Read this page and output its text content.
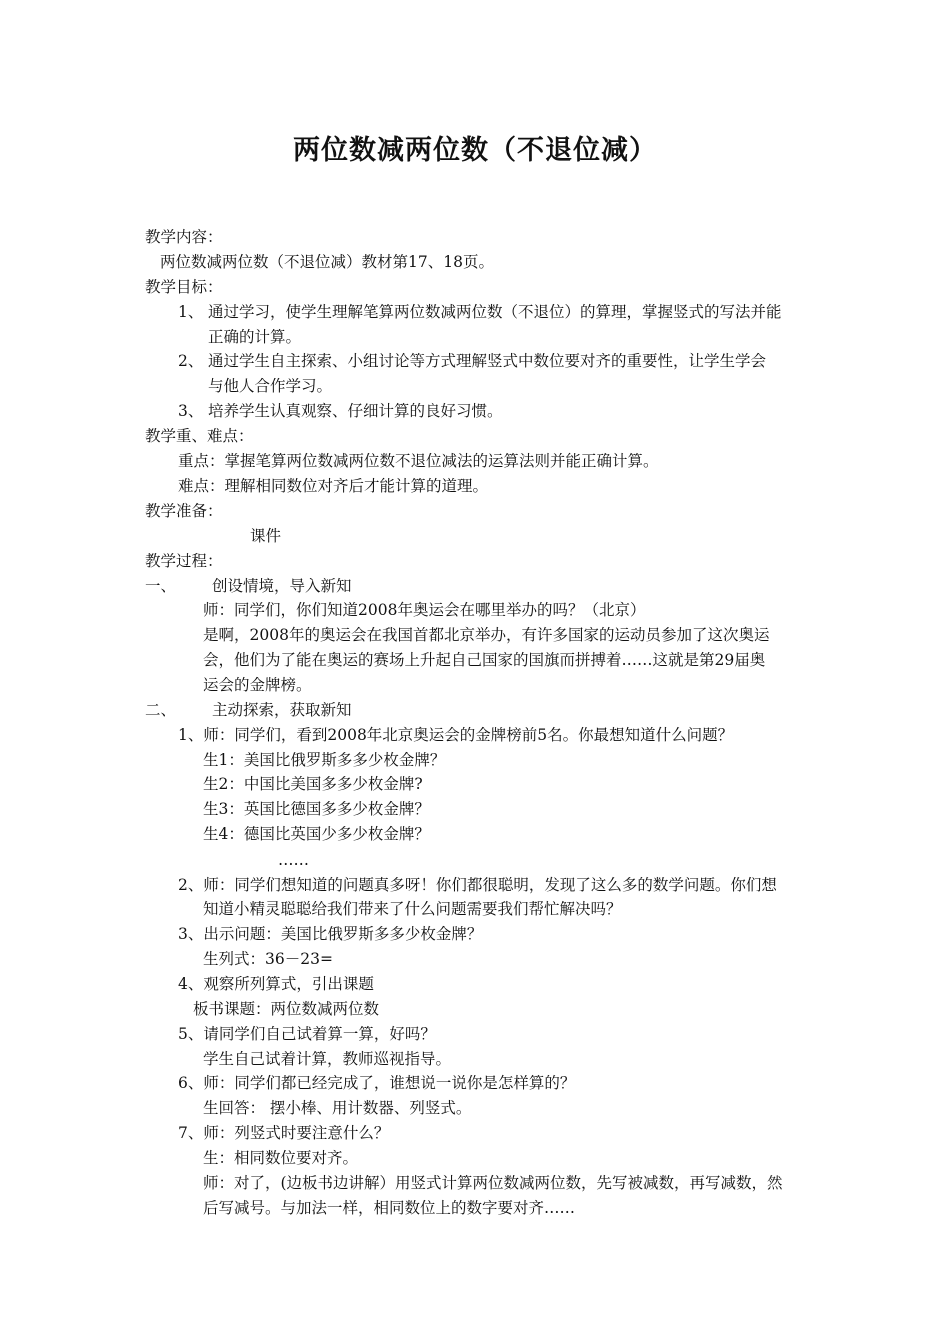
两位数减两位数（不退位减）
教学内容：
两位数减两位数（不退位减）教材第17、18页。
教学目标：
1、 通过学习，使学生理解笔算两位数减两位数（不退位）的算理，掌握竖式的写法并能
正确的计算。
2、 通过学生自主探索、小组讨论等方式理解竖式中数位要对齐的重要性，让学生学会
与他人合作学习。
3、 培养学生认真观察、仔细计算的良好习惯。
教学重、难点：
重点：掌握笔算两位数减两位数不退位减法的运算法则并能正确计算。
难点：理解相同数位对齐后才能计算的道理。
教学准备：
课件
教学过程：
一、 创设情境，导入新知
师：同学们，你们知道2008年奥运会在哪里举办的吗？（北京）
是啊，2008年的奥运会在我国首都北京举办，有许多国家的运动员参加了这次奥运
会，他们为了能在奥运的赛场上升起自己国家的国旗而拼搏着……这就是第29届奥
运会的金牌榜。
二、 主动探索，获取新知
1、师：同学们，看到2008年北京奥运会的金牌榜前5名。你最想知道什么问题？
生1：美国比俄罗斯多多少枚金牌？
生2：中国比美国多多少枚金牌?
生3：英国比德国多多少枚金牌？
生4：德国比英国少多少枚金牌？
……
2、师：同学们想知道的问题真多呀！你们都很聪明，发现了这么多的数学问题。你们想
知道小精灵聪聪给我们带来了什么问题需要我们帮忙解决吗？
3、出示问题：美国比俄罗斯多多少枚金牌？
生列式：36－23=
4、观察所列算式，引出课题
板书课题：两位数减两位数
5、请同学们自己试着算一算，好吗？
学生自己试着计算，教师巡视指导。
6、师：同学们都已经完成了，谁想说一说你是怎样算的？
生回答： 摆小棒、用计数器、列竖式。
7、师：列竖式时要注意什么？
生：相同数位要对齐。
师：对了，(边板书边讲解）用竖式计算两位数减两位数，先写被减数，再写减数，然
后写减号。与加法一样，相同数位上的数字要对齐……
